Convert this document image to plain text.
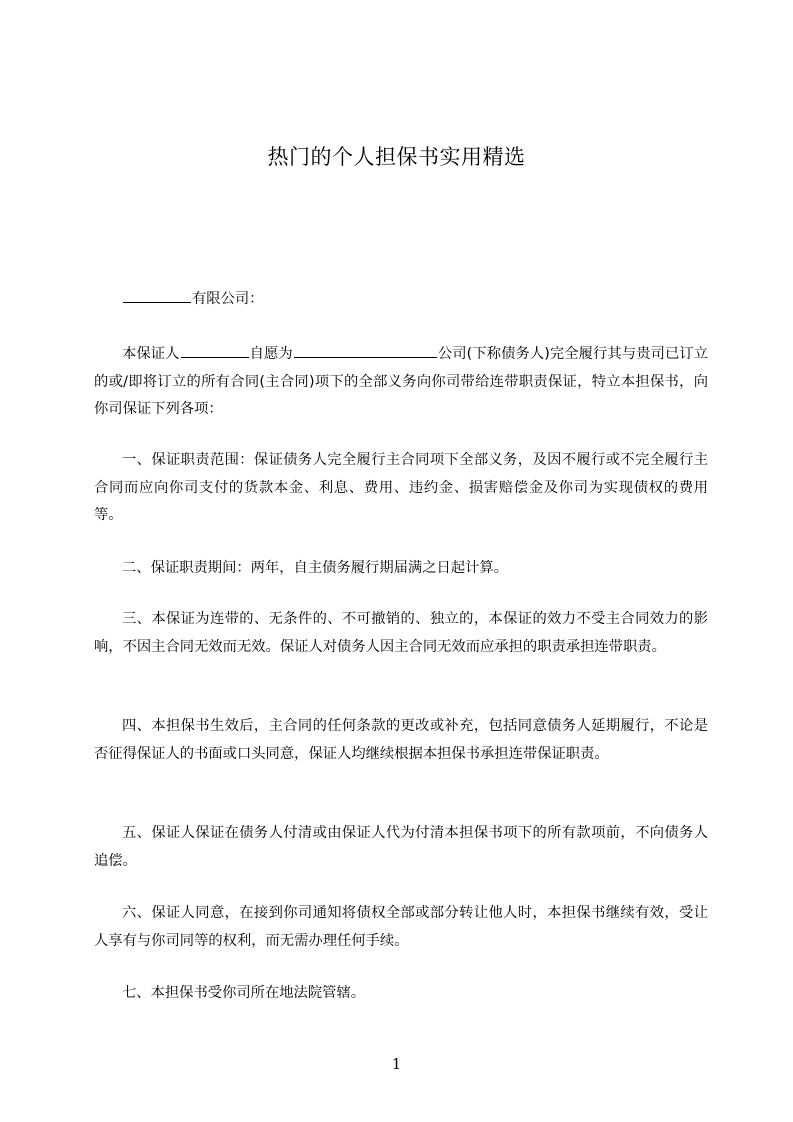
热门的个人担保书实用精选
有限公司：
本保证人	自愿为	公司(下称债务人)完全履行其与贵司已订立的或/即将订立的所有合同(主合同)项下的全部义务向你司带给连带职责保证，特立本担保书，向你司保证下列各项：
一、保证职责范围：保证债务人完全履行主合同项下全部义务，及因不履行或不完全履行主合同而应向你司支付的货款本金、利息、费用、违约金、损害赔偿金及你司为实现债权的费用等。
二、保证职责期间：两年，自主债务履行期届满之日起计算。
三、本保证为连带的、无条件的、不可撤销的、独立的，本保证的效力不受主合同效力的影响，不因主合同无效而无效。保证人对债务人因主合同无效而应承担的职责承担连带职责。
四、本担保书生效后，主合同的任何条款的更改或补充，包括同意债务人延期履行，不论是否征得保证人的书面或口头同意，保证人均继续根据本担保书承担连带保证职责。
五、保证人保证在债务人付清或由保证人代为付清本担保书项下的所有款项前，不向债务人追偿。
六、保证人同意，在接到你司通知将债权全部或部分转让他人时，本担保书继续有效，受让人享有与你司同等的权利，而无需办理任何手续。
七、本担保书受你司所在地法院管辖。
1
